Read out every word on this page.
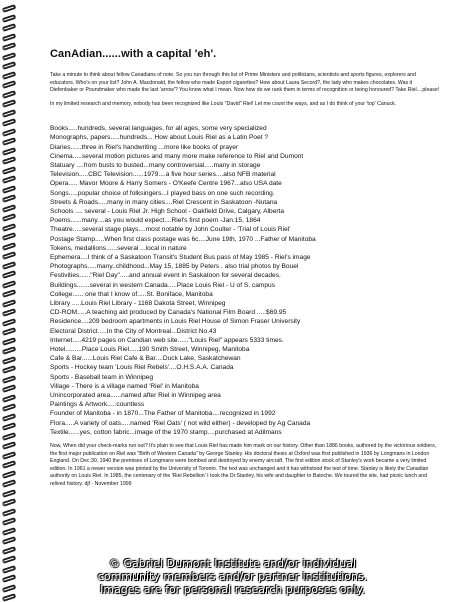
CanAdian......with a capital 'eh'.

Take a minute to think about fellow Canadians of note. So you run through this list of Prime Ministers and politicians, scientists and sports figures, explorers and educators. Who's on your list? John A. Macdonald, the fellow who made Export cigarettes? How about Laura Secord?, the lady who makes chocolates. Was it Diefenbaker or Poundmaker who made the last 'arrow'? You know what I mean. Now how do we rank them in terms of recognition or being honoured? Take Riel....please!

In my limited research and memory, nobody has been recognized like Louis "David" Riel! Let me count the ways, and as I do think of your 'top' Canuck.

Books.....hundreds, several languages, for all ages, some very specialized
Monographs, papers.....hundreds... How about Louis Riel as a Latin Poet ?
Diaries......three in Riel's handwriting ...more like books of prayer
Cinema.....several motion pictures and many more make reference to Riel and Dumont
Statuary ....from busts to busted...many controversial.....many in storage
Television.....CBC Television......1979....a five hour series....also NFB material
Opera..... Mavor Moore & Harry Somers - O'Keefe Centre 1967...also USA date
Songs.....popular choice of folksingers...I played bass on one such recording.
Streets & Roads.....many in many cities....Riel Crescent in Saskatoon -Nutana
Schools .... several - Louis Riel Jr. High School - Oakfield Drive, Calgary, Alberta
Poems......many....as you would expect....Riel's first poem -Jan.15, 1864
Theatre.....several stage plays....most notable by John Coulter - 'Trial of Louis Riel'
Postage Stamp.....When first class postage was 6c....June 19th, 1970 ...Father of Manitoba
Tokens, medallions......several ...local in nature
Ephemera....I think of a Saskatoon Transit's Student Bus pass of May 1985 - Riel's image
Photographs.....many..childhood...May 15, 1885 by Peters , also trial photos by Bouel
Festivities......"Riel Day".....and annual event in Saskatoon for several decades.
Buildings.......several in western Canada.....Place Louis Riel - U of S. campus
College...... one that I know of.....St. Boniface, Manitoba
Library .....Louis Riel Library - 1168 Dakota Street, Winnipeg
CD-ROM.....A teaching aid produced by Canada's National Film Board .....$69.95
Residence....209 bedroom apartments in Louis Riel House of Simon Fraser University
Electoral District.....In the City of Montreal...District No.43
Internet.....4219 pages on Candian web site......"Louis Riel" appears 5333 times.
Hotel.........Place Louis Riel.....190 Smith Street, Winnipeg, Manitoba
Cafe & Bar......Louis Riel Cafe & Bar....Duck Lake, Saskatchewan
Sports - Hockey team 'Louis Riel Rebels'....O.H.S.A.A. Canada
Sports - Baseball team in Winnipeg
Village - There is a village named 'Riel' in Manitoba
Unincorporated area......named after Riel in Winnipeg area
Paintings & Artwork.....countless
Founder of Manitoba - in 1870...The Father of Manitoba....recognized in 1992
Flora.....A variety of oats.....named 'Riel Oats' ( not wild either) - developed by Ag Canada
Textile......yes, cotton fabric...image of the 1970 stamp....purchased at Adilmans

Now, When did your check-marks run out? It's plain to see that Louis Riel has made him mark on our history. Other than 1886 books, authored by the victorious soldiers, the first major publication on Riel was "Birth of Western Canada" by George Stanley. His doctoral thesis at Oxford was first published in 1936 by Longmans in London England. On Dec.30, 1940 the premises of Longmans were bombed and destroyed by enemy aircraft. The first edition stock of Stanley's work became a very limited edition. In 1961 a newer version was printed by the University of Toronto. The text was unchanged and it has withstood the test of time. Stanley is likely the Canadian authority on Louis Riel. In 1985, the centenary of the 'Riel Rebellion' I took the Dr.Stanley, his wife and daughter to Batoche. We toured the site, had picnic lunch and relived history. djf - November 1999

© Gabriel Dumont Institute and/or individual
community members and/or partner institutions.
Images are for personal research purposes only.
